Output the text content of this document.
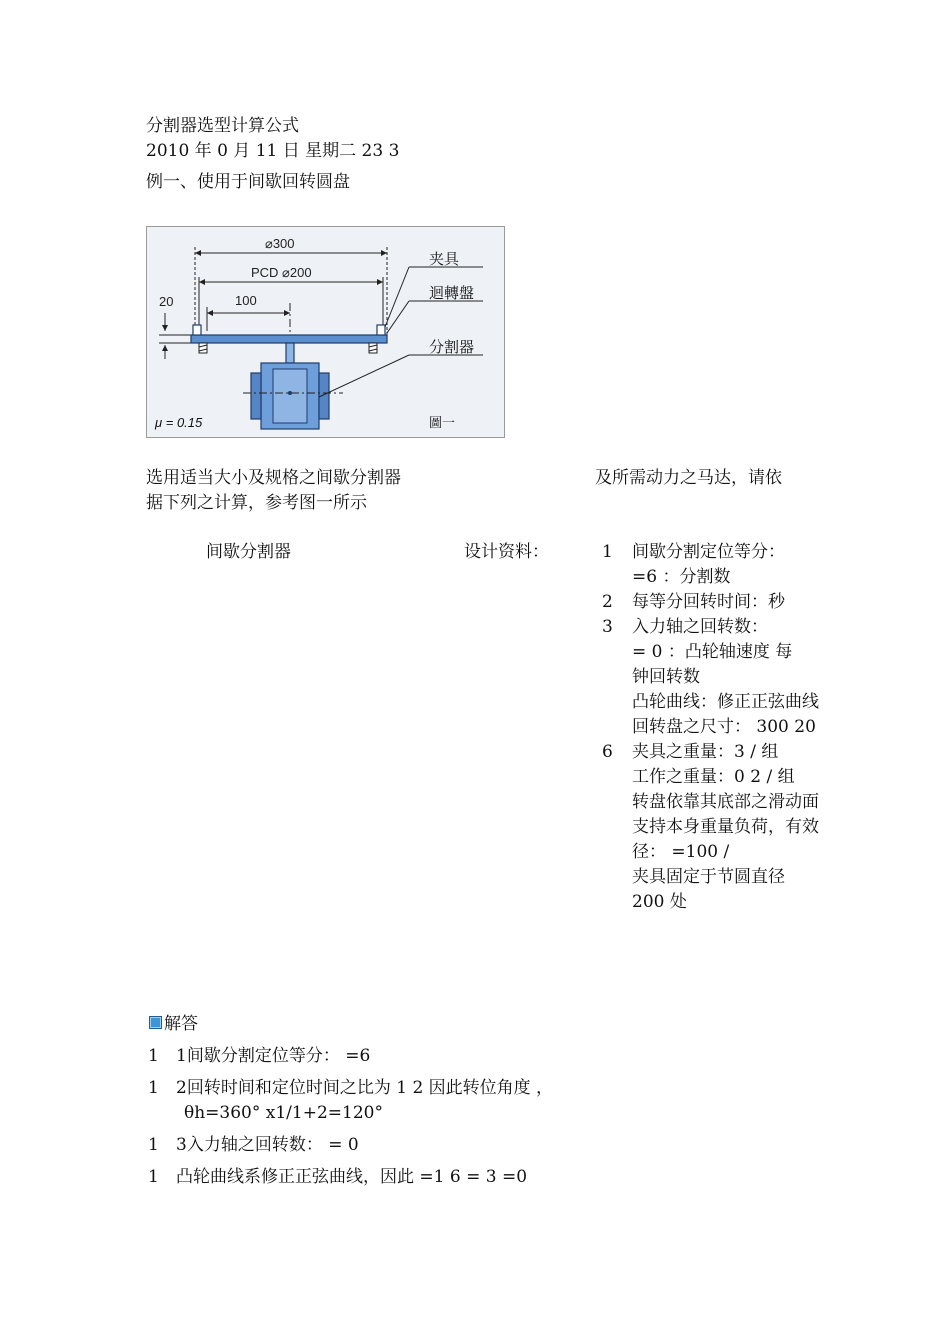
分割器选型计算公式
2010 年 0 月 11 日 星期二 23 3
例一、使用于间歇回转圆盘
⌀300
PCD ⌀200
100
20
夹具
迴轉盤
分割器
μ = 0.15	圖一
选用适当大小及规格之间歇分割器	及所需动力之马达，请依
据下列之计算，参考图一所示
间歇分割器	设计资料：	1 间歇分割定位等分：
=6 ：分割数
2 每等分回转时间：秒
3 入力轴之回转数：
= 0 ：凸轮轴速度 每
钟回转数
凸轮曲线：修正正弦曲线
回转盘之尺寸： 300 20
6 夹具之重量：3 / 组
工作之重量：0 2 / 组
转盘依靠其底部之滑动面
支持本身重量负荷，有效
径： =100 /
夹具固定于节圆直径
200 处
解答
1 1间歇分割定位等分： =6
1 2回转时间和定位时间之比为 1 2 因此转位角度 ，
θh=360° x1/1+2=120°
1 3入力轴之回转数： = 0
1 凸轮曲线系修正正弦曲线，因此 =1 6 = 3 =0
